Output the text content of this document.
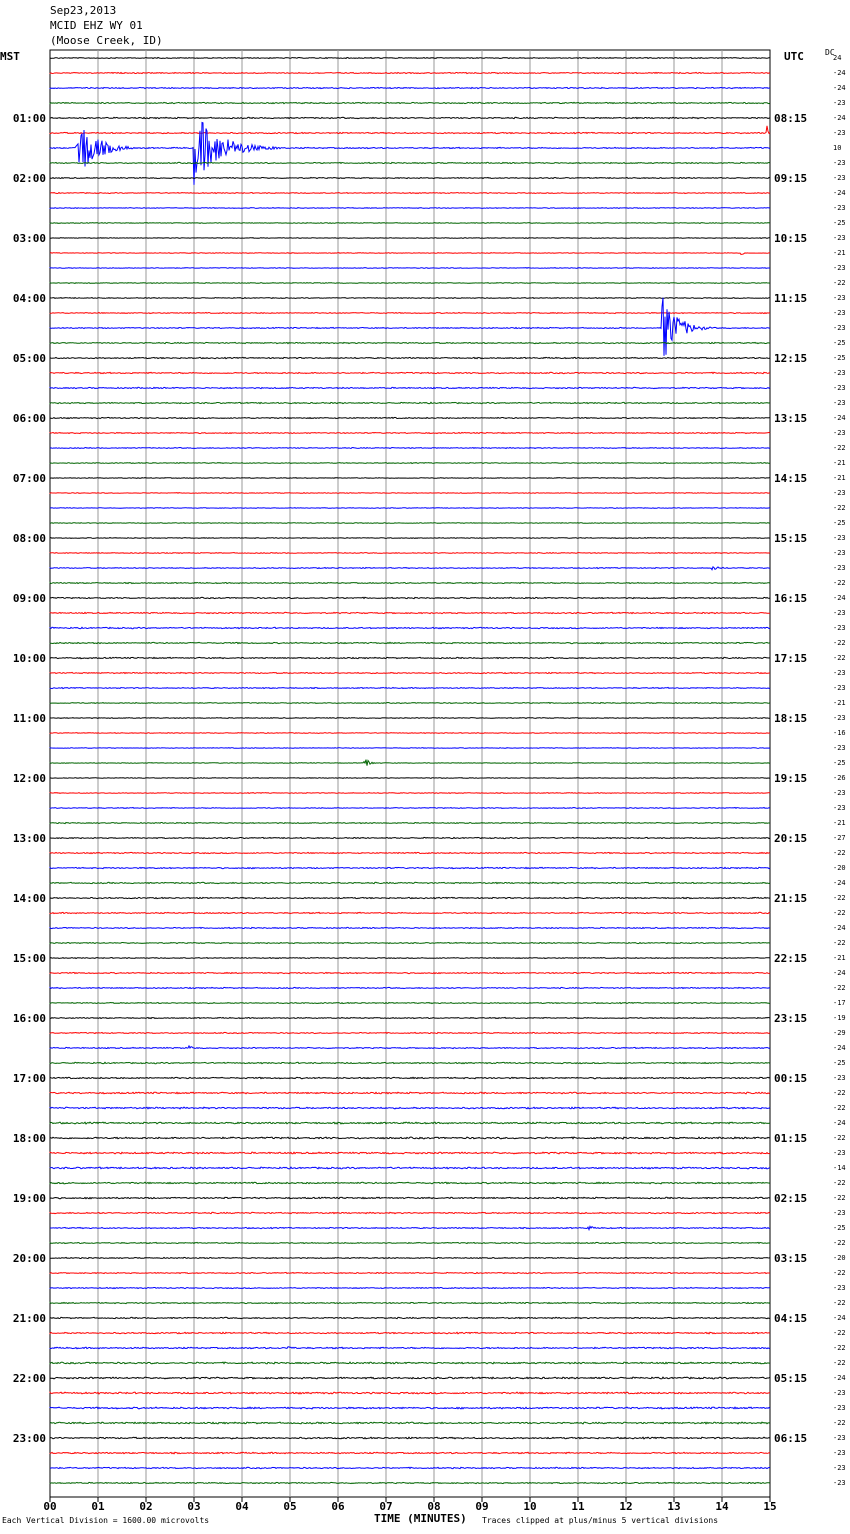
Sep23,2013
MCID EHZ WY 01
(Moose Creek, ID)
MST	UTC	DC
01:00
02:00
03:00
04:00
05:00
06:00
07:00
08:00
09:00
10:00
11:00
12:00
13:00
14:00
15:00
16:00
17:00
18:00
19:00
20:00
21:00
22:00
23:00
08:15
09:15
10:15
11:15
12:15
13:15
14:15
15:15
16:15
17:15
18:15
19:15
20:15
21:15
22:15
23:15
00:15
01:15
02:15
03:15
04:15
05:15
06:15
24
-24
-24
-23
-24
-23
10
-23
-23
-24
-23
-25
-23
-21
-23
-22
-23
-23
-23
-25
-25
-23
-23
-23
-24
-23
-22
-21
-21
-23
-22
-25
-23
-23
-23
-22
-24
-23
-23
-22
-22
-23
-23
-21
-23
-16
-23
-25
-26
-23
-23
-21
-27
-22
-20
-24
-22
-22
-24
-22
-21
-24
-22
-17
-19
-29
-24
-25
-23
-22
-22
-24
-22
-23
-14
-22
-22
-23
-25
-22
-20
-22
-23
-22
-24
-22
-22
-22
-24
-23
-23
-22
-23
-23
-23
-23
00	01	02	03	04	05	06	07	08	09	10	11	12	13	14	15
Each Vertical Division = 1600.00 microvolts	TIME (MINUTES) Traces clipped at plus/minus 5 vertical divisions
